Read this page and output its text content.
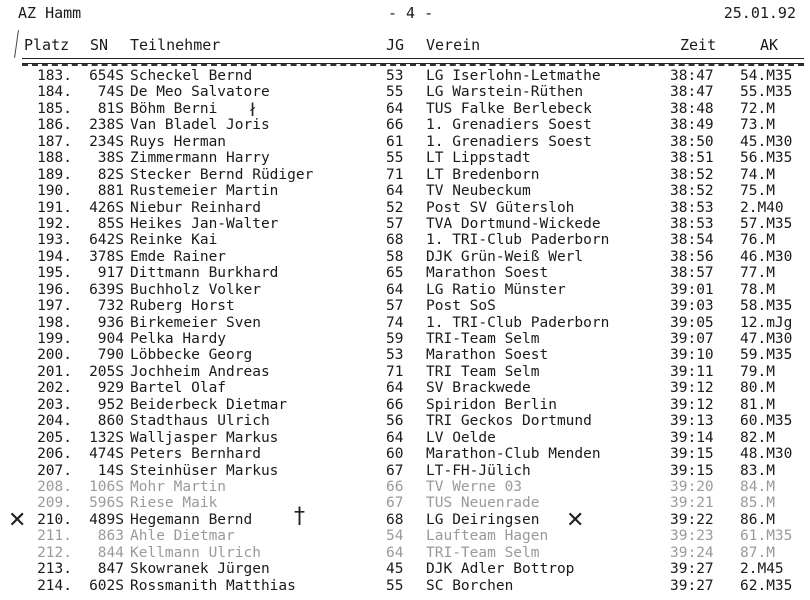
AZ Hamm	- 4 -	25.01.92
Platz SN Teilnehmer	JG Verein	Zeit	AK
183.	654S Scheckel Bernd	53 LG Iserlohn-Letmathe	38:47 54.M35
184.	74S De Meo Salvatore	55 LG Warstein-Rüthen	38:47 55.M35
185.	81S Böhm Berni	64 TUS Falke Berlebeck	38:48 72.M
186.	238S Van Bladel Joris	66 1. Grenadiers Soest	38:49 73.M
187.	234S Ruys Herman	61 1. Grenadiers Soest	38:50 45.M30
188.	38S Zimmermann Harry	55 LT Lippstadt	38:51 56.M35
189.	82S Stecker Bernd Rüdiger	71 LT Bredenborn	38:52 74.M
190.	881 Rustemeier Martin	64 TV Neubeckum	38:52 75.M
191.	426S Niebur Reinhard	52 Post SV Gütersloh	38:53 2.M40
192.	85S Heikes Jan-Walter	57 TVA Dortmund-Wickede	38:53 57.M35
193.	642S Reinke Kai	68 1. TRI-Club Paderborn	38:54 76.M
194.	378S Emde Rainer	58 DJK Grün-Weiß Werl	38:56 46.M30
195.	917 Dittmann Burkhard	65 Marathon Soest	38:57 77.M
196.	639S Buchholz Volker	64 LG Ratio Münster	39:01 78.M
197.	732 Ruberg Horst	57 Post SoS	39:03 58.M35
198.	936 Birkemeier Sven	74 1. TRI-Club Paderborn	39:05 12.mJg
199.	904 Pelka Hardy	59 TRI-Team Selm	39:07 47.M30
200.	790 Löbbecke Georg	53 Marathon Soest	39:10 59.M35
201.	205S Jochheim Andreas	71 TRI Team Selm	39:11 79.M
202.	929 Bartel Olaf	64 SV Brackwede	39:12 80.M
203.	952 Beiderbeck Dietmar	66 Spiridon Berlin	39:12 81.M
204.	860 Stadthaus Ulrich	56 TRI Geckos Dortmund	39:13 60.M35
205.	132S Walljasper Markus	64 LV Oelde	39:14 82.M
206.	474S Peters Bernhard	60 Marathon-Club Menden	39:15 48.M30
207.	14S Steinhüser Markus	67 LT-FH-Jülich	39:15 83.M
208.	106S Mohr Martin	66 TV Werne 03	39:20 84.M
209.	596S Riese Maik	67 TUS Neuenrade	39:21 85.M
210.	489S Hegemann Bernd	68 LG Deiringsen	39:22 86.M
211.	863 Ahle Dietmar	54 Laufteam Hagen	39:23 61.M35
212.	844 Kellmann Ulrich	64 TRI-Team Selm	39:24 87.M
213.	847 Skowranek Jürgen	45 DJK Adler Bottrop	39:27 2.M45
214.	602S Rossmanith Matthias	55 SC Borchen	39:27 62.M35
ł
✕	†	✕
